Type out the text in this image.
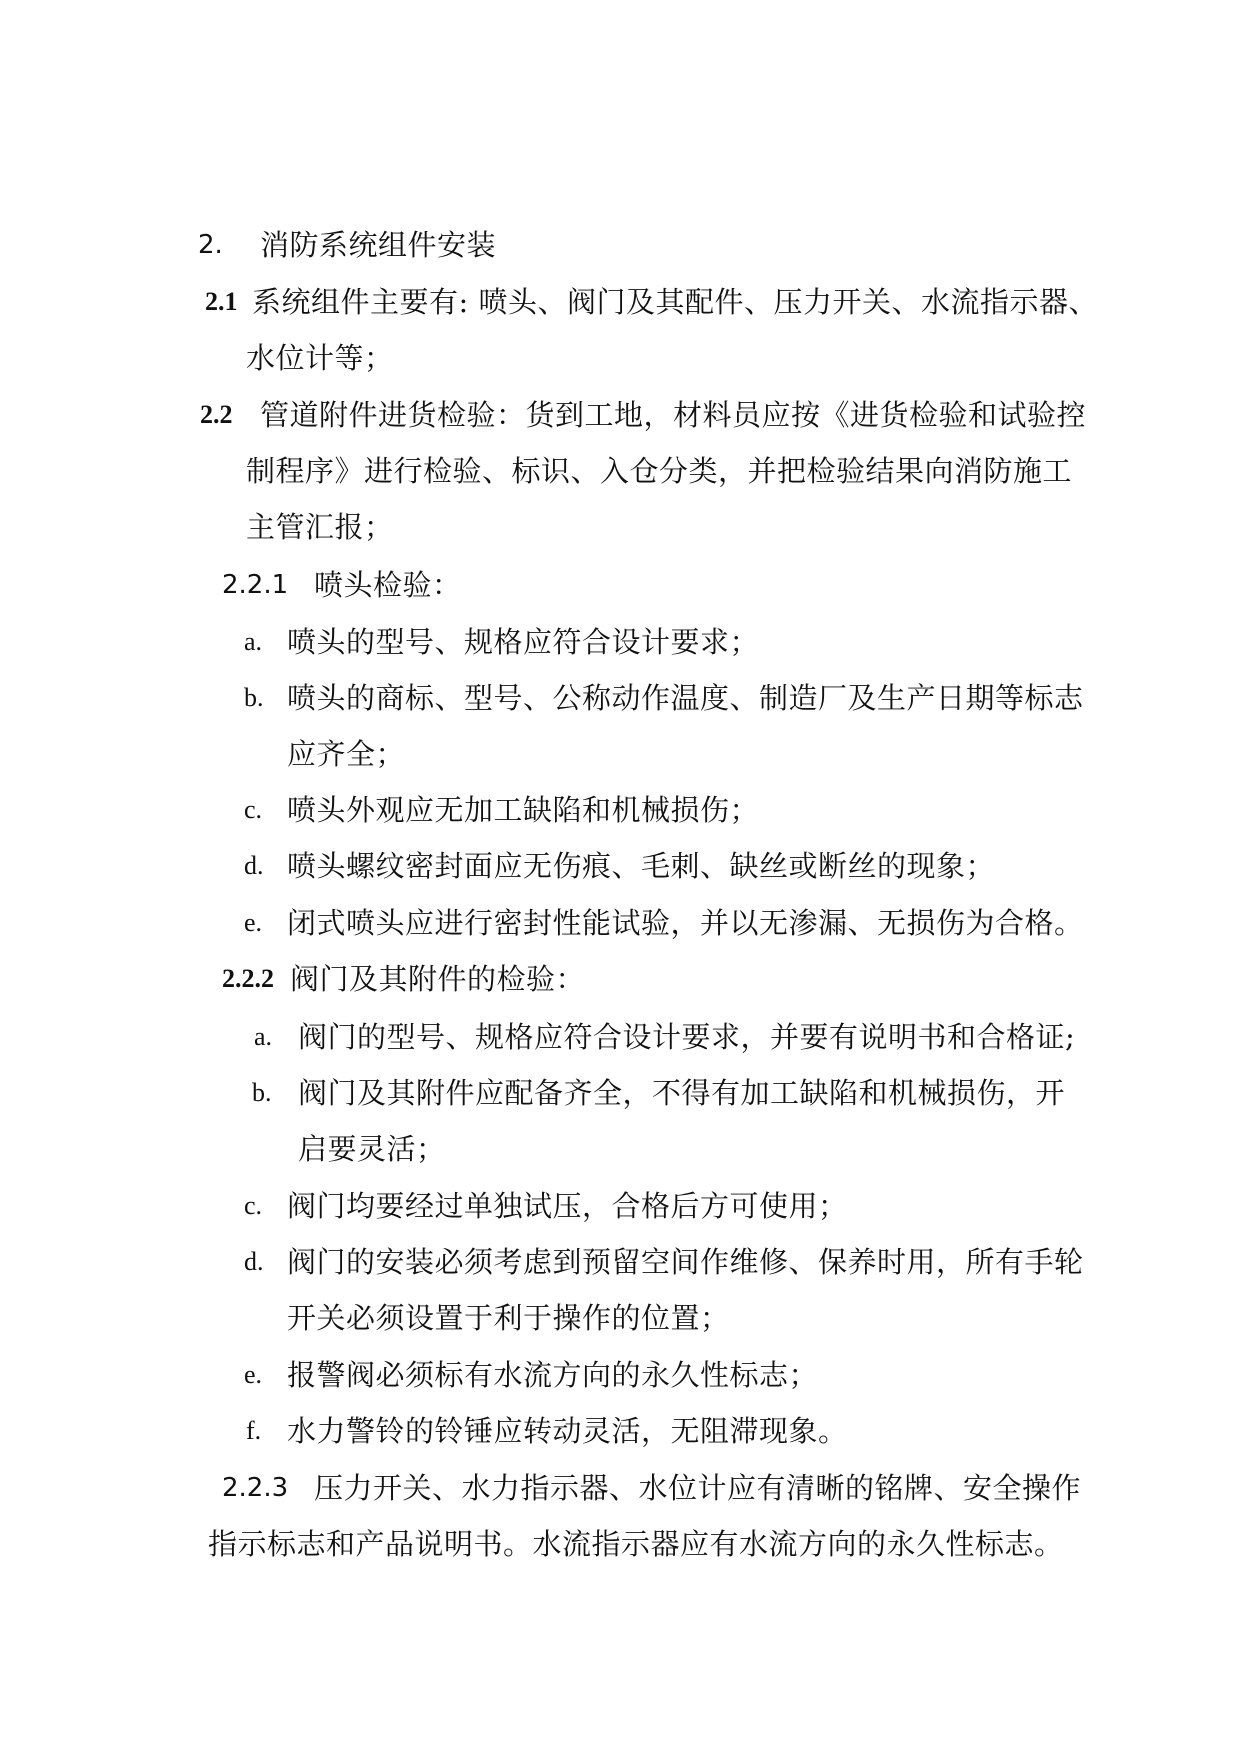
2. 消防系统组件安装
2.1 系统组件主要有: 喷头、阀门及其配件、压力开关、水流指示器、
水位计等；
2.2 管道附件进货检验：货到工地，材料员应按《进货检验和试验控
制程序》进行检验、标识、入仓分类，并把检验结果向消防施工
主管汇报；
2.2.1 喷头检验：
a. 喷头的型号、规格应符合设计要求；
b. 喷头的商标、型号、公称动作温度、制造厂及生产日期等标志
应齐全；
c. 喷头外观应无加工缺陷和机械损伤；
d. 喷头螺纹密封面应无伤痕、毛刺、缺丝或断丝的现象；
e. 闭式喷头应进行密封性能试验，并以无渗漏、无损伤为合格。
2.2.2 阀门及其附件的检验：
a. 阀门的型号、规格应符合设计要求，并要有说明书和合格证;
b. 阀门及其附件应配备齐全，不得有加工缺陷和机械损伤，开
启要灵活；
c. 阀门均要经过单独试压，合格后方可使用；
d. 阀门的安装必须考虑到预留空间作维修、保养时用，所有手轮
开关必须设置于利于操作的位置；
e. 报警阀必须标有水流方向的永久性标志；
f. 水力警铃的铃锤应转动灵活，无阻滞现象。
2.2.3 压力开关、水力指示器、水位计应有清晰的铭牌、安全操作
指示标志和产品说明书。水流指示器应有水流方向的永久性标志。
